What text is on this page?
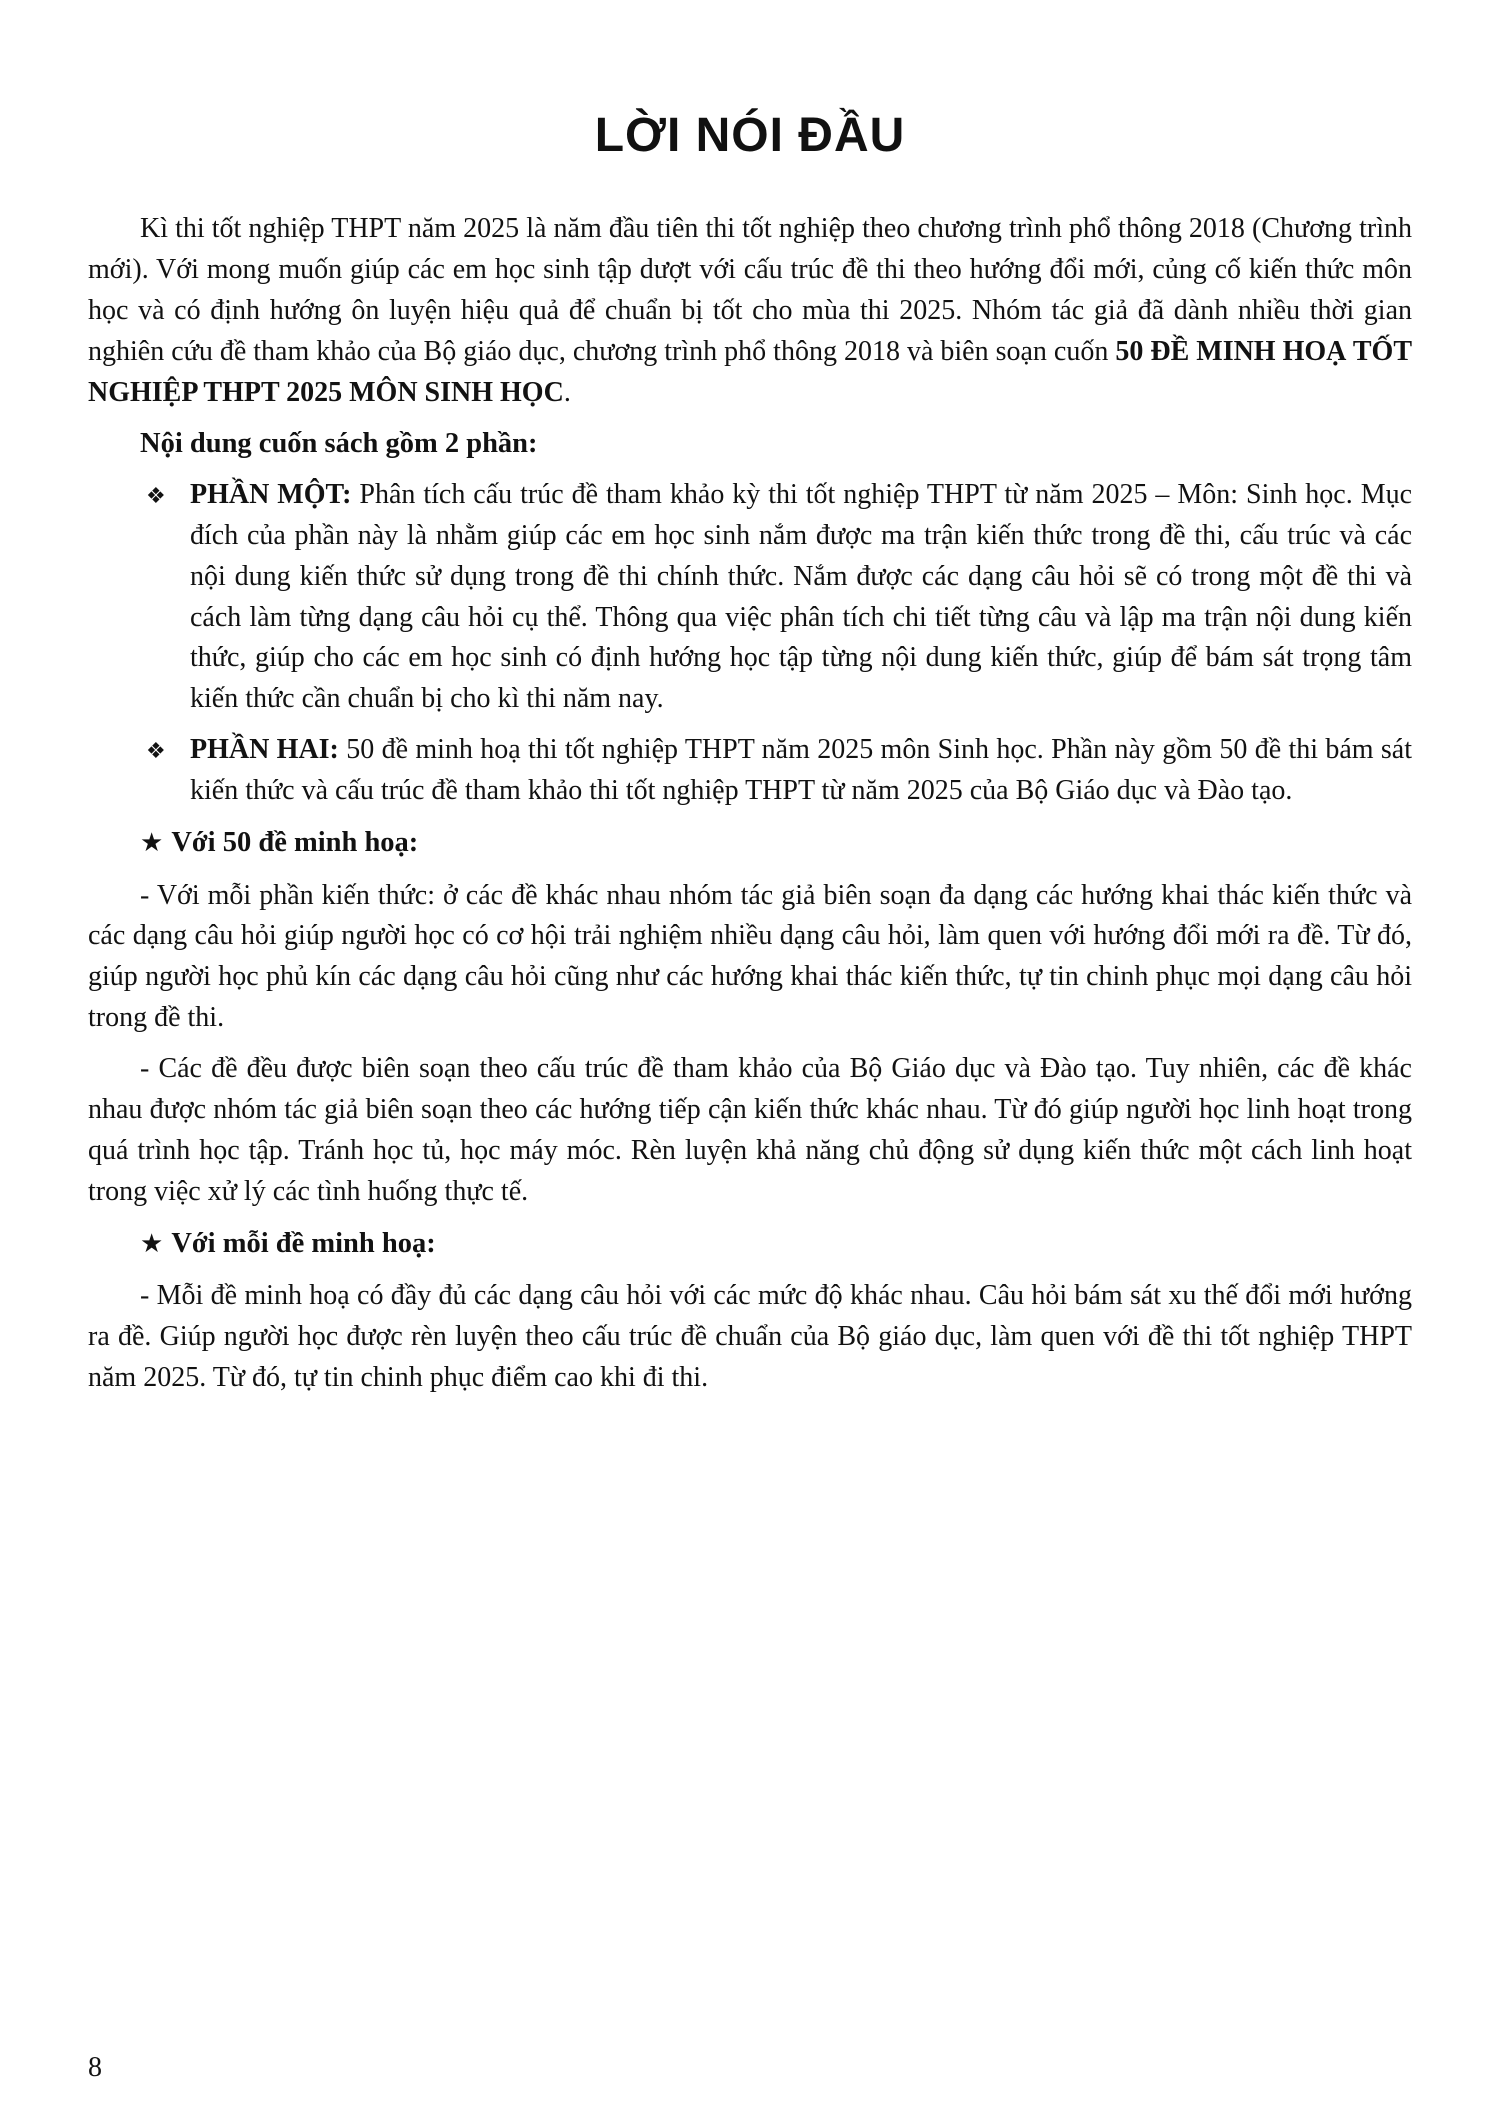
LỜI NÓI ĐẦU

Kì thi tốt nghiệp THPT năm 2025 là năm đầu tiên thi tốt nghiệp theo chương trình phổ thông 2018 (Chương trình mới). Với mong muốn giúp các em học sinh tập dượt với cấu trúc đề thi theo hướng đổi mới, củng cố kiến thức môn học và có định hướng ôn luyện hiệu quả để chuẩn bị tốt cho mùa thi 2025. Nhóm tác giả đã dành nhiều thời gian nghiên cứu đề tham khảo của Bộ giáo dục, chương trình phổ thông 2018 và biên soạn cuốn 50 ĐỀ MINH HOẠ TỐT NGHIỆP THPT 2025 MÔN SINH HỌC.

Nội dung cuốn sách gồm 2 phần:

❖ PHẦN MỘT: Phân tích cấu trúc đề tham khảo kỳ thi tốt nghiệp THPT từ năm 2025 – Môn: Sinh học. Mục đích của phần này là nhằm giúp các em học sinh nắm được ma trận kiến thức trong đề thi, cấu trúc và các nội dung kiến thức sử dụng trong đề thi chính thức. Nắm được các dạng câu hỏi sẽ có trong một đề thi và cách làm từng dạng câu hỏi cụ thể. Thông qua việc phân tích chi tiết từng câu và lập ma trận nội dung kiến thức, giúp cho các em học sinh có định hướng học tập từng nội dung kiến thức, giúp để bám sát trọng tâm kiến thức cần chuẩn bị cho kì thi năm nay.
❖ PHẦN HAI: 50 đề minh hoạ thi tốt nghiệp THPT năm 2025 môn Sinh học. Phần này gồm 50 đề thi bám sát kiến thức và cấu trúc đề tham khảo thi tốt nghiệp THPT từ năm 2025 của Bộ Giáo dục và Đào tạo.

★ Với 50 đề minh hoạ:

- Với mỗi phần kiến thức: ở các đề khác nhau nhóm tác giả biên soạn đa dạng các hướng khai thác kiến thức và các dạng câu hỏi giúp người học có cơ hội trải nghiệm nhiều dạng câu hỏi, làm quen với hướng đổi mới ra đề. Từ đó, giúp người học phủ kín các dạng câu hỏi cũng như các hướng khai thác kiến thức, tự tin chinh phục mọi dạng câu hỏi trong đề thi.

- Các đề đều được biên soạn theo cấu trúc đề tham khảo của Bộ Giáo dục và Đào tạo. Tuy nhiên, các đề khác nhau được nhóm tác giả biên soạn theo các hướng tiếp cận kiến thức khác nhau. Từ đó giúp người học linh hoạt trong quá trình học tập. Tránh học tủ, học máy móc. Rèn luyện khả năng chủ động sử dụng kiến thức một cách linh hoạt trong việc xử lý các tình huống thực tế.

★ Với mỗi đề minh hoạ:

- Mỗi đề minh hoạ có đầy đủ các dạng câu hỏi với các mức độ khác nhau. Câu hỏi bám sát xu thế đổi mới hướng ra đề. Giúp người học được rèn luyện theo cấu trúc đề chuẩn của Bộ giáo dục, làm quen với đề thi tốt nghiệp THPT năm 2025. Từ đó, tự tin chinh phục điểm cao khi đi thi.

8
